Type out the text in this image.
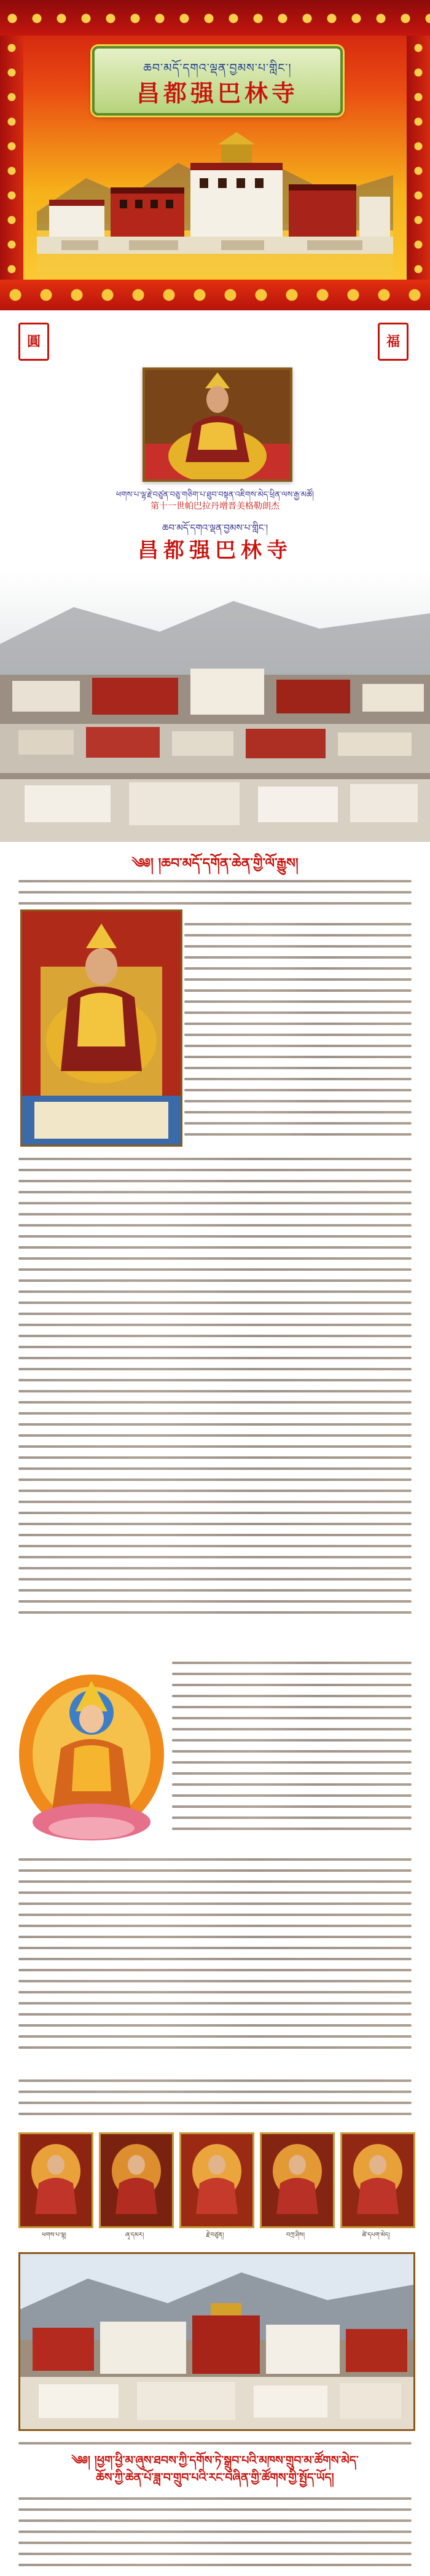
ཆབ་མདོ་དགའ་ལྡན་བྱམས་པ་གླིང་།
昌都强巴林寺
圓	福
ཕགས་པ་ལྷ་རྗེ་བཙུན་བཅུ་གཅིག་པ་ཐུབ་བསྟན་འཇིགས་མེད་ཕྲིན་ལས་རྒྱ་མཚོ།
第十一世帕巴拉丹增晋美格勒朗杰
ཆབ་མདོ་དགའ་ལྡན་བྱམས་པ་གླིང་།
昌都强巴林寺
༄༅། །ཆབ་མདོ་དགོན་ཆེན་གྱི་ལོ་རྒྱུས།
ཕགས་པ་ལྷ།	ཞྭ་དམར།	རྗེ་བཙུན།	བཀྲ་ཤིས།	ཚེ་དཔག་མེད།
༄༅། །ཕྱག་ཕྱི་མ་ཞུས་ཐབས་ཀྱི་དགོས་ཏེ་སྒྲུབ་པའི་མཁས་གྲུབ་མ་ཚོགས་མེད་
ཆོས་ཀྱི་ཆེན་པོ་ཟླ་བ་གྲུབ་པའི་རང་བཞིན་གྱི་ཚོགས་གྱི་སྤྱོད་ཡོད།
